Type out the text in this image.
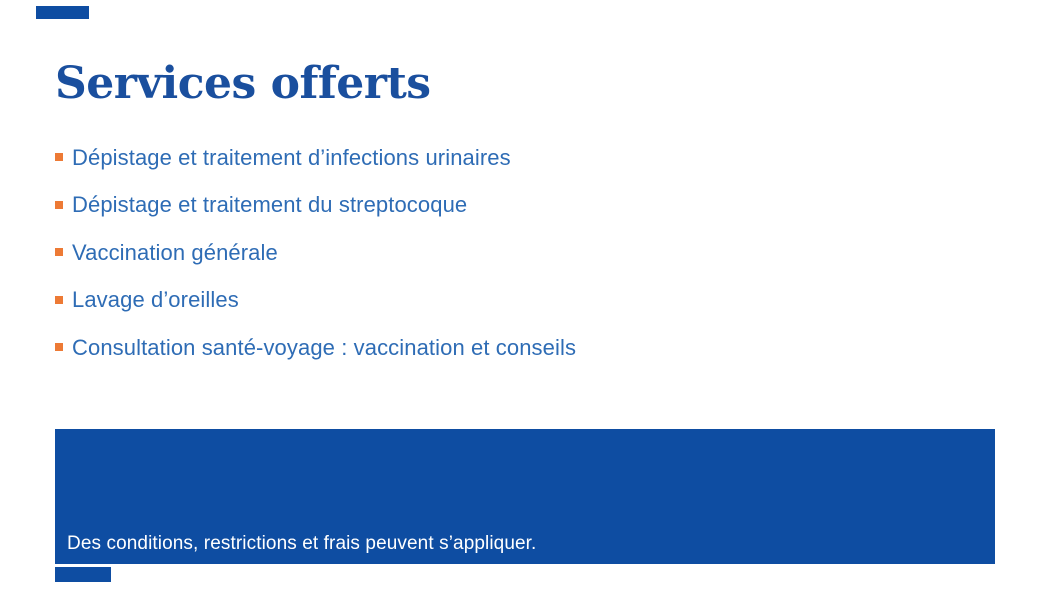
Services offerts
Dépistage et traitement d’infections urinaires
Dépistage et traitement du streptocoque
Vaccination générale
Lavage d’oreilles
Consultation santé-voyage : vaccination et conseils

Des conditions, restrictions et frais peuvent s’appliquer.
